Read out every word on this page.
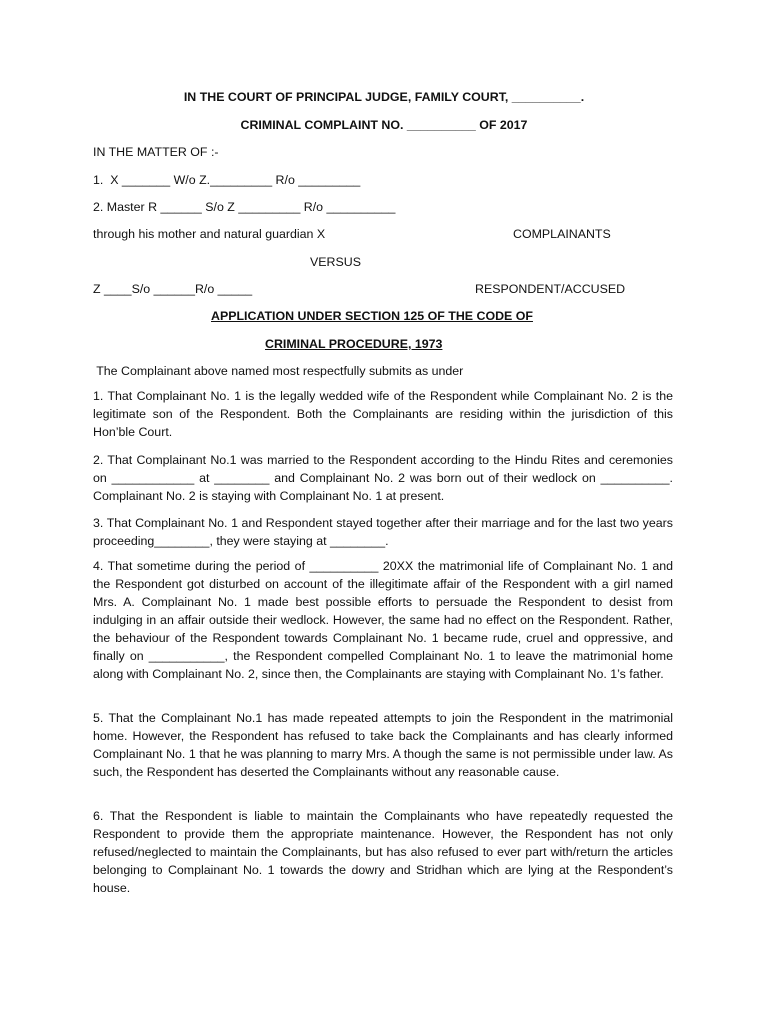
IN THE COURT OF PRINCIPAL JUDGE, FAMILY COURT, __________.
CRIMINAL COMPLAINT NO. __________ OF 2017
IN THE MATTER OF :-
1.  X _______ W/o Z._________ R/o _________
2. Master R ______ S/o Z _________ R/o __________
through his mother and natural guardian X	COMPLAINANTS
VERSUS
Z ____S/o ______R/o _____	RESPONDENT/ACCUSED
APPLICATION UNDER SECTION 125 OF THE CODE OF
CRIMINAL PROCEDURE, 1973
The Complainant above named most respectfully submits as under
1. That Complainant No. 1 is the legally wedded wife of the Respondent while Complainant No. 2 is the legitimate son of the Respondent. Both the Complainants are residing within the jurisdiction of this Hon’ble Court.
2. That Complainant No.1 was married to the Respondent according to the Hindu Rites and ceremonies on ____________ at ________ and Complainant No. 2 was born out of their wedlock on __________. Complainant No. 2 is staying with Complainant No. 1 at present.
3. That Complainant No. 1 and Respondent stayed together after their marriage and for the last two years proceeding________, they were staying at ________.
4. That sometime during the period of __________ 20XX the matrimonial life of Complainant No. 1 and the Respondent got disturbed on account of the illegitimate affair of the Respondent with a girl named Mrs. A. Complainant No. 1 made best possible efforts to persuade the Respondent to desist from indulging in an affair outside their wedlock. However, the same had no effect on the Respondent. Rather, the behaviour of the Respondent towards Complainant No. 1 became rude, cruel and oppressive, and finally on ___________, the Respondent compelled Complainant No. 1 to leave the matrimonial home along with Complainant No. 2, since then, the Complainants are staying with Complainant No. 1’s father.
5. That the Complainant No.1 has made repeated attempts to join the Respondent in the matrimonial home. However, the Respondent has refused to take back the Complainants and has clearly informed Complainant No. 1 that he was planning to marry Mrs. A though the same is not permissible under law. As such, the Respondent has deserted the Complainants without any reasonable cause.
6. That the Respondent is liable to maintain the Complainants who have repeatedly requested the Respondent to provide them the appropriate maintenance. However, the Respondent has not only refused/neglected to maintain the Complainants, but has also refused to ever part with/return the articles belonging to Complainant No. 1 towards the dowry and Stridhan which are lying at the Respondent’s house.
